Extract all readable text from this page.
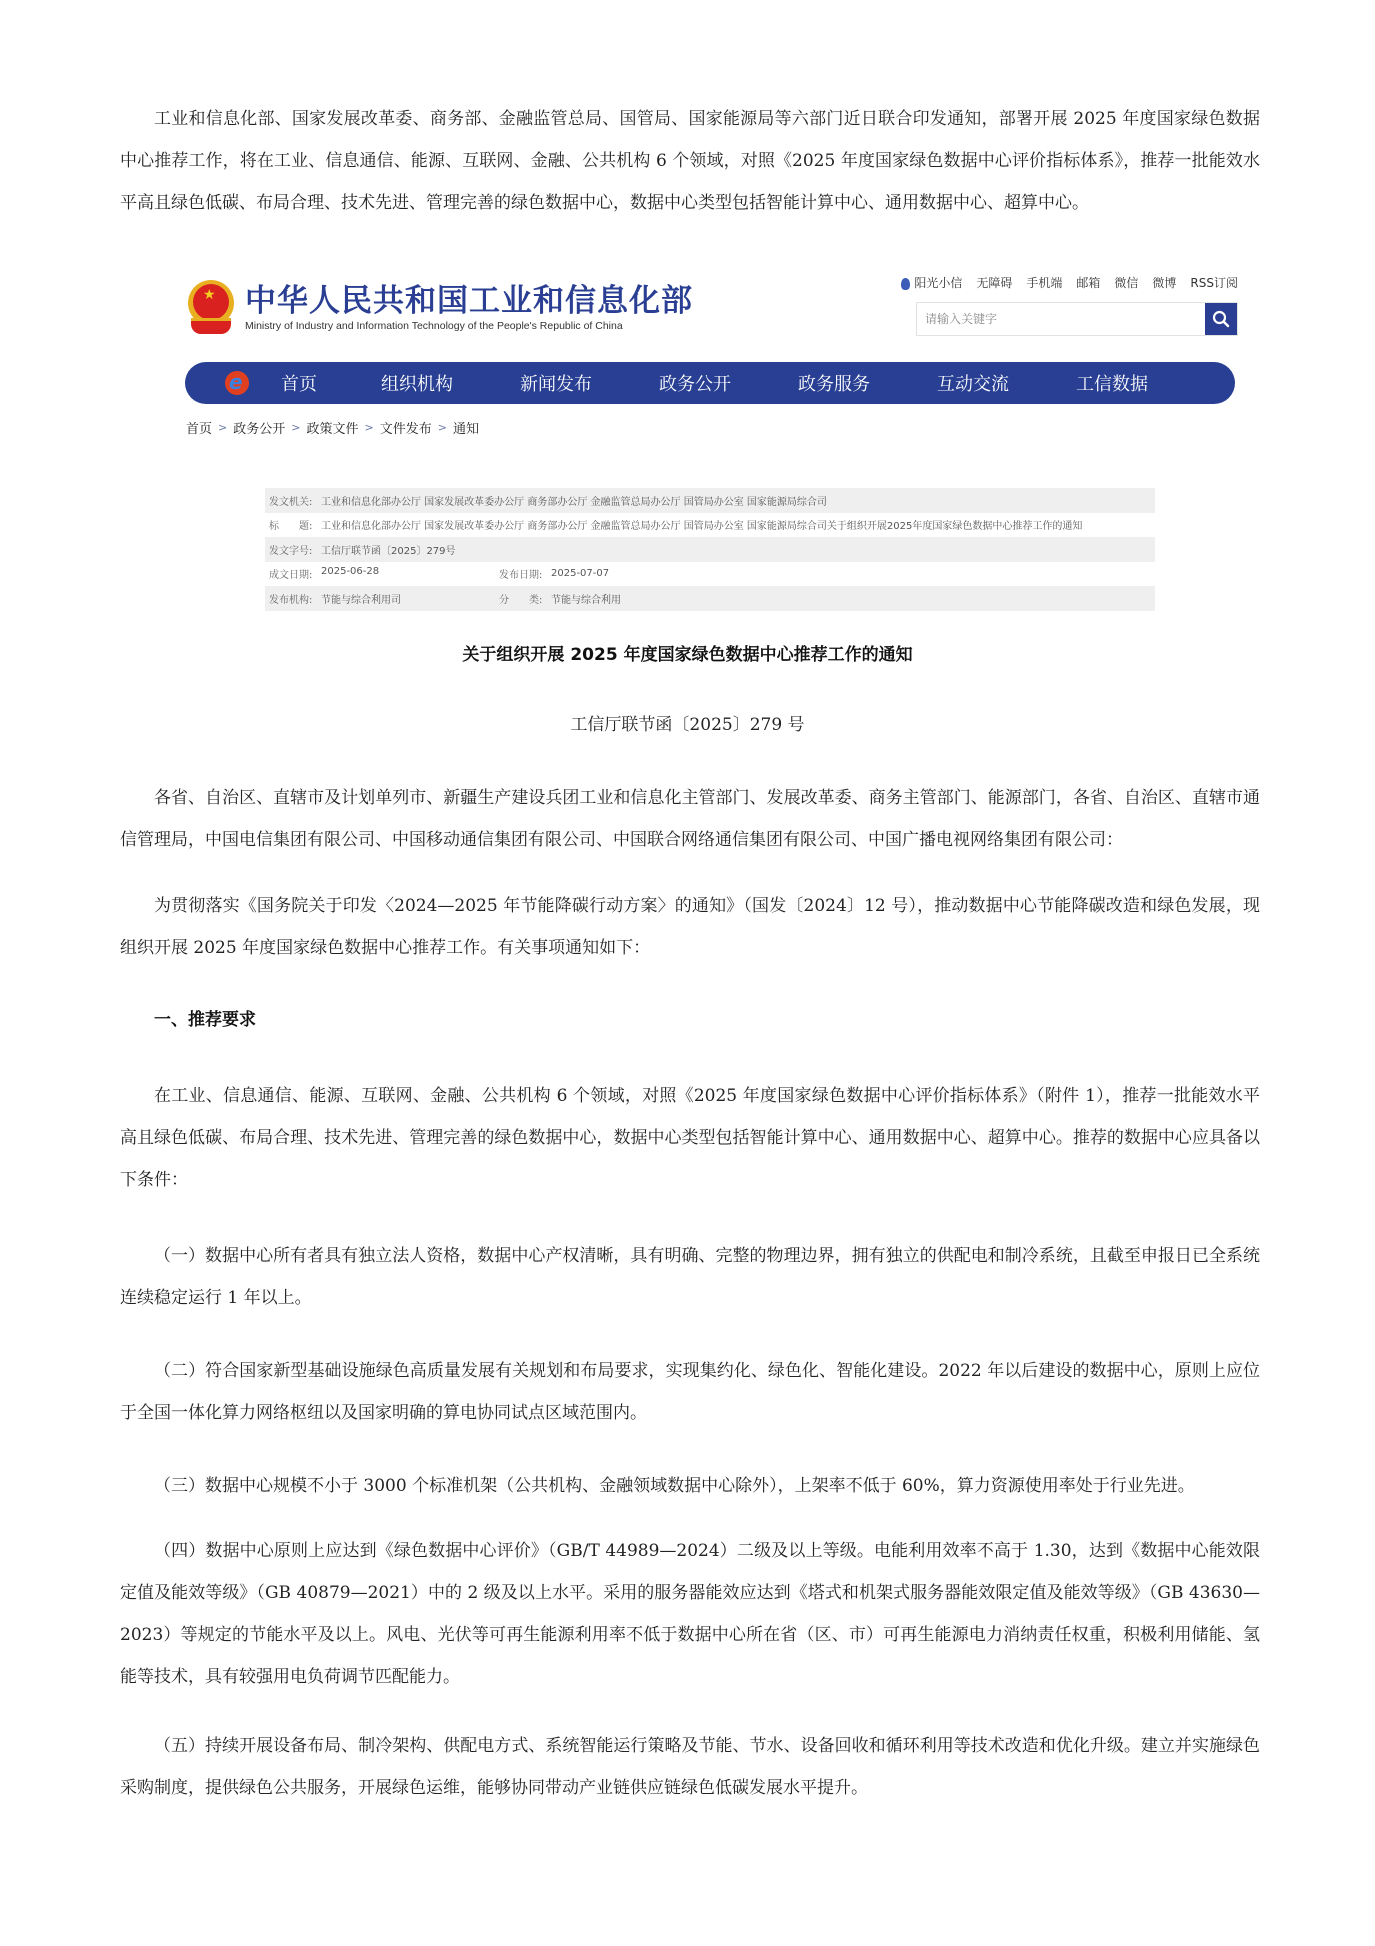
工业和信息化部、国家发展改革委、商务部、金融监管总局、国管局、国家能源局等六部门近日联合印发通知，部署开展 2025 年度国家绿色数据中心推荐工作，将在工业、信息通信、能源、互联网、金融、公共机构 6 个领域，对照《2025 年度国家绿色数据中心评价指标体系》，推荐一批能效水平高且绿色低碳、布局合理、技术先进、管理完善的绿色数据中心，数据中心类型包括智能计算中心、通用数据中心、超算中心。

★ 中华人民共和国工业和信息化部
Ministry of Industry and Information Technology of the People's Republic of China
阳光小信 无障碍 手机端 邮箱 微信 微博 RSS订阅
请输入关键字
e	首页	组织机构	新闻发布	政务公开	政务服务	互动交流	工信数据
首页 > 政务公开 > 政策文件 > 文件发布 > 通知
发文机关: 工业和信息化部办公厅 国家发展改革委办公厅 商务部办公厅 金融监管总局办公厅 国管局办公室 国家能源局综合司
标　　题: 工业和信息化部办公厅 国家发展改革委办公厅 商务部办公厅 金融监管总局办公厅 国管局办公室 国家能源局综合司关于组织开展2025年度国家绿色数据中心推荐工作的通知
发文字号: 工信厅联节函〔2025〕279号
成文日期: 2025-06-28	发布日期: 2025-07-07
发布机构: 节能与综合利用司	分　　类: 节能与综合利用
关于组织开展 2025 年度国家绿色数据中心推荐工作的通知

工信厅联节函〔2025〕279 号

各省、自治区、直辖市及计划单列市、新疆生产建设兵团工业和信息化主管部门、发展改革委、商务主管部门、能源部门，各省、自治区、直辖市通信管理局，中国电信集团有限公司、中国移动通信集团有限公司、中国联合网络通信集团有限公司、中国广播电视网络集团有限公司：

为贯彻落实《国务院关于印发〈2024—2025 年节能降碳行动方案〉的通知》（国发〔2024〕12 号），推动数据中心节能降碳改造和绿色发展，现组织开展 2025 年度国家绿色数据中心推荐工作。有关事项通知如下：

一、推荐要求

在工业、信息通信、能源、互联网、金融、公共机构 6 个领域，对照《2025 年度国家绿色数据中心评价指标体系》（附件 1），推荐一批能效水平高且绿色低碳、布局合理、技术先进、管理完善的绿色数据中心，数据中心类型包括智能计算中心、通用数据中心、超算中心。推荐的数据中心应具备以下条件：

（一）数据中心所有者具有独立法人资格，数据中心产权清晰，具有明确、完整的物理边界，拥有独立的供配电和制冷系统，且截至申报日已全系统连续稳定运行 1 年以上。

（二）符合国家新型基础设施绿色高质量发展有关规划和布局要求，实现集约化、绿色化、智能化建设。2022 年以后建设的数据中心，原则上应位于全国一体化算力网络枢纽以及国家明确的算电协同试点区域范围内。

（三）数据中心规模不小于 3000 个标准机架（公共机构、金融领域数据中心除外），上架率不低于 60%，算力资源使用率处于行业先进。

（四）数据中心原则上应达到《绿色数据中心评价》（GB/T 44989—2024）二级及以上等级。电能利用效率不高于 1.30，达到《数据中心能效限定值及能效等级》（GB 40879—2021）中的 2 级及以上水平。采用的服务器能效应达到《塔式和机架式服务器能效限定值及能效等级》（GB 43630—2023）等规定的节能水平及以上。风电、光伏等可再生能源利用率不低于数据中心所在省（区、市）可再生能源电力消纳责任权重，积极利用储能、氢能等技术，具有较强用电负荷调节匹配能力。

（五）持续开展设备布局、制冷架构、供配电方式、系统智能运行策略及节能、节水、设备回收和循环利用等技术改造和优化升级。建立并实施绿色采购制度，提供绿色公共服务，开展绿色运维，能够协同带动产业链供应链绿色低碳发展水平提升。
